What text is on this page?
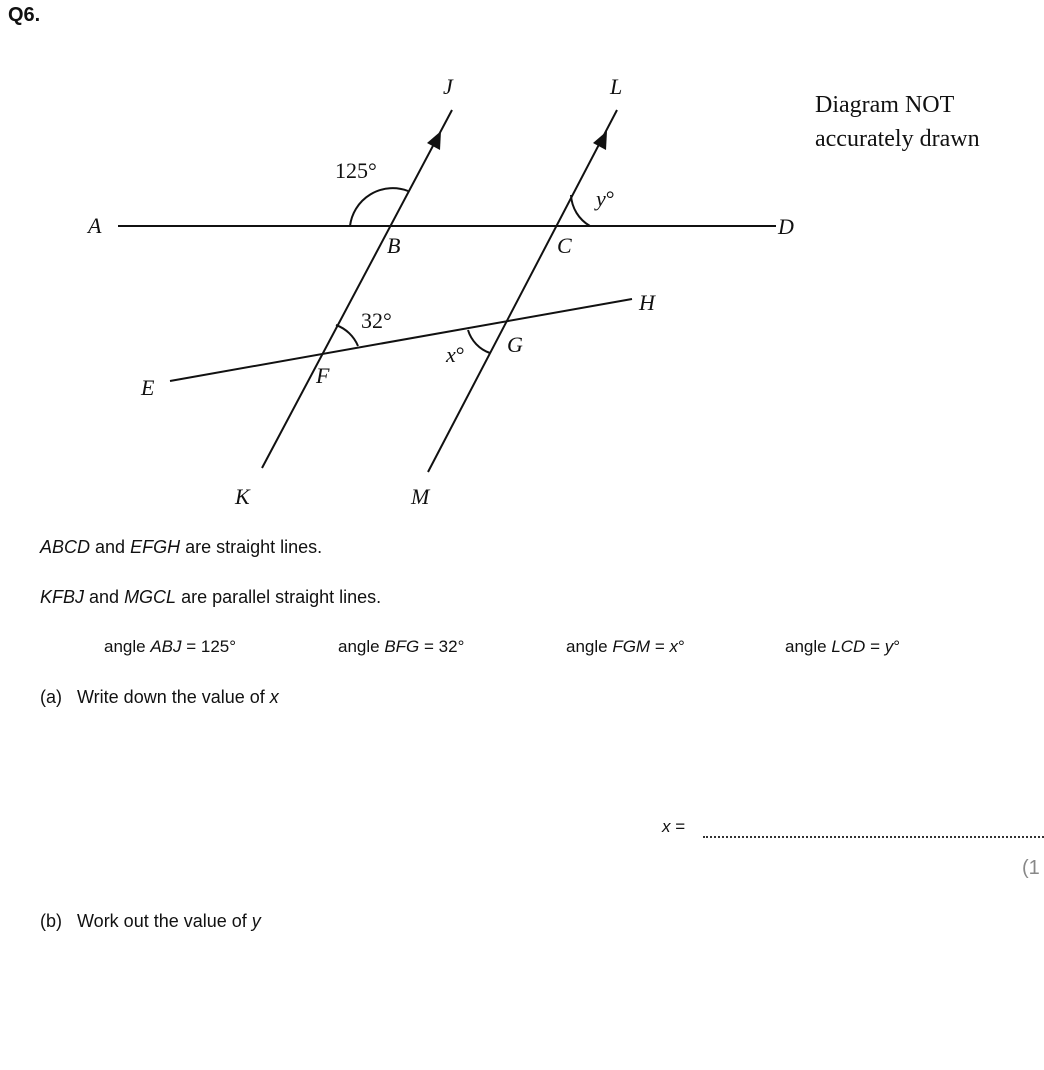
Q6.
Diagram NOT
accurately drawn
J	L
A
B	C
D
H
G
E	F
K	M
125°
32°
x°
y°
ABCD and EFGH are straight lines.
KFBJ and MGCL are parallel straight lines.
angle ABJ = 125°	angle BFG = 32°	angle FGM = x°	angle LCD = y°
(a) Write down the value of x
x =
(1
(b) Work out the value of y
